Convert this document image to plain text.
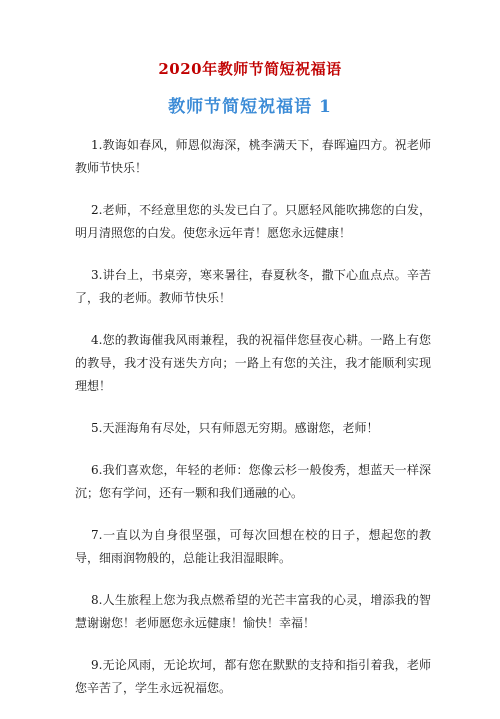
2020年教师节简短祝福语
教师节简短祝福语 1

1.教诲如春风，师恩似海深，桃李满天下，春晖遍四方。祝老师教师节快乐！

2.老师，不经意里您的头发已白了。只愿轻风能吹拂您的白发，明月清照您的白发。使您永远年青！愿您永远健康！

3.讲台上，书桌旁，寒来暑往，春夏秋冬，撒下心血点点。辛苦了，我的老师。教师节快乐！

4.您的教诲催我风雨兼程，我的祝福伴您昼夜心耕。一路上有您的教导，我才没有迷失方向；一路上有您的关注，我才能顺利实现理想！

5.天涯海角有尽处，只有师恩无穷期。感谢您，老师！

6.我们喜欢您，年轻的老师：您像云杉一般俊秀，想蓝天一样深沉；您有学问，还有一颗和我们通融的心。

7.一直以为自身很坚强，可每次回想在校的日子，想起您的教导，细雨润物般的，总能让我泪湿眼眸。

8.人生旅程上您为我点燃希望的光芒丰富我的心灵，增添我的智慧谢谢您！老师愿您永远健康！愉快！幸福！

9.无论风雨，无论坎坷，都有您在默默的支持和指引着我，老师您辛苦了，学生永远祝福您。
